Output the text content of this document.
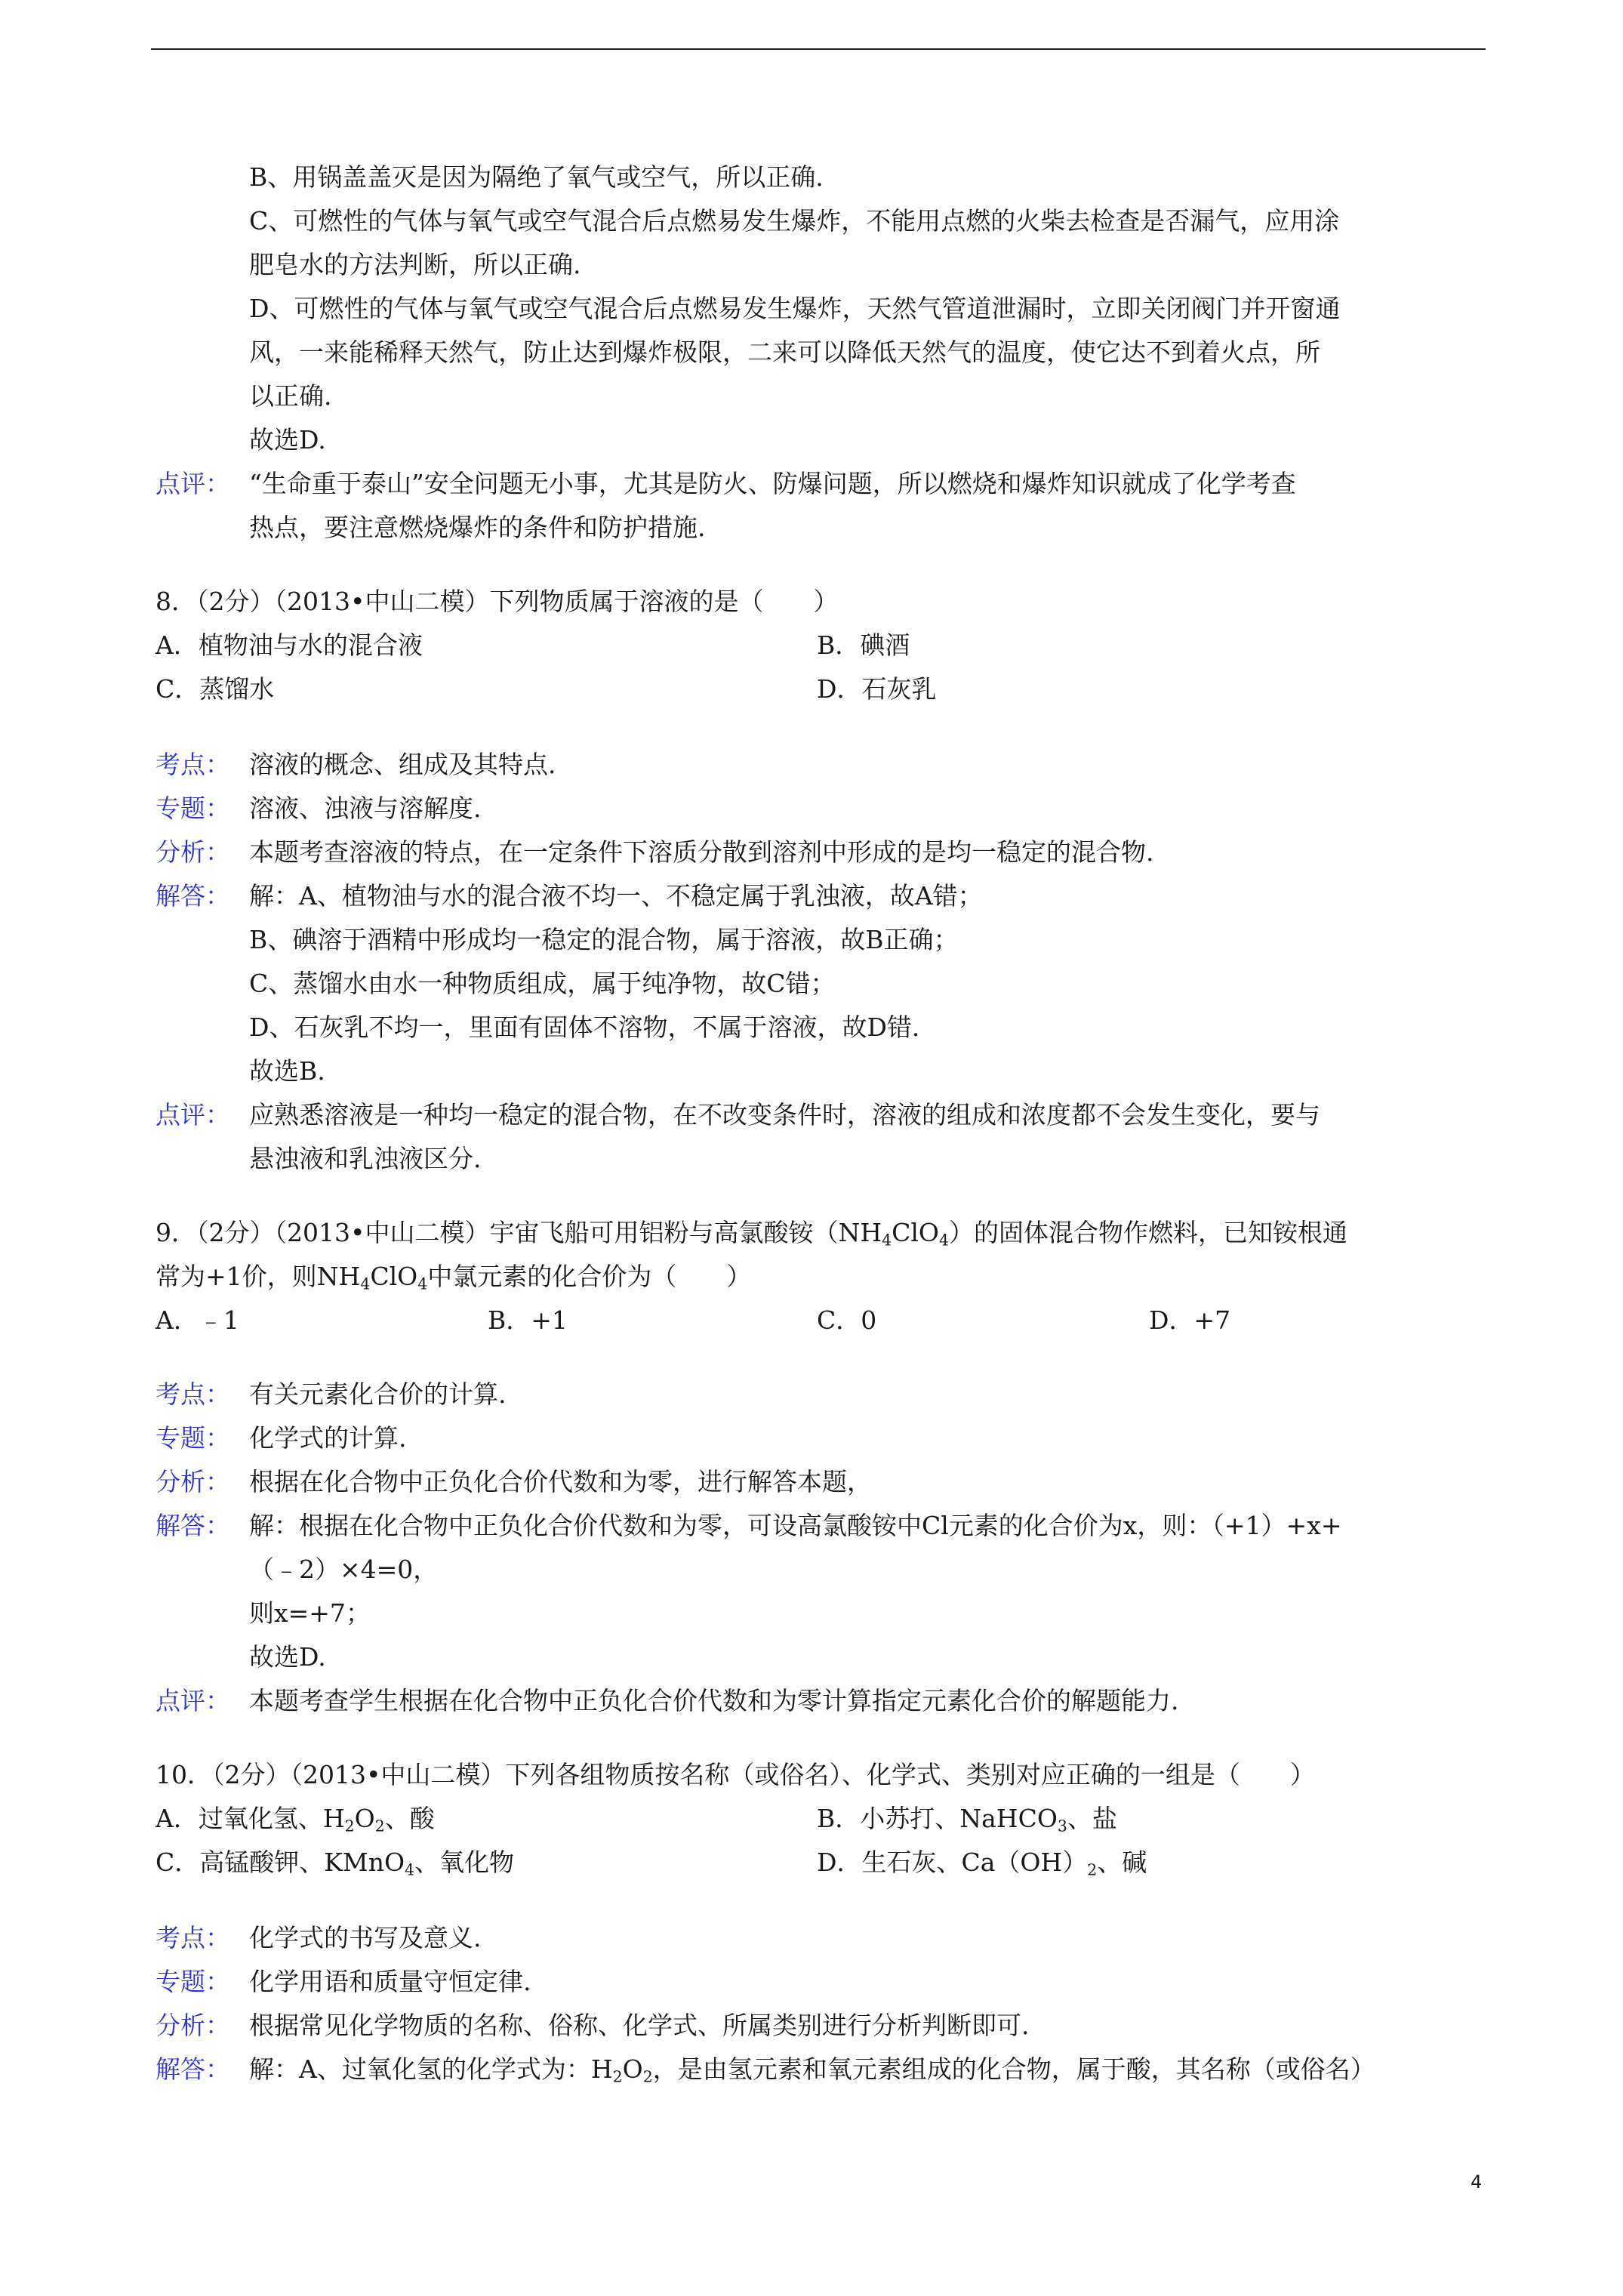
B、用锅盖盖灭是因为隔绝了氧气或空气，所以正确.
C、可燃性的气体与氧气或空气混合后点燃易发生爆炸，不能用点燃的火柴去检查是否漏气，应用涂
肥皂水的方法判断，所以正确.
D、可燃性的气体与氧气或空气混合后点燃易发生爆炸，天然气管道泄漏时，立即关闭阀门并开窗通
风，一来能稀释天然气，防止达到爆炸极限，二来可以降低天然气的温度，使它达不到着火点，所
以正确.
故选D.
点评： “生命重于泰山”安全问题无小事，尤其是防火、防爆问题，所以燃烧和爆炸知识就成了化学考查
热点，要注意燃烧爆炸的条件和防护措施.
8．（2分）（2013•中山二模）下列物质属于溶液的是（　　）
A．植物油与水的混合液	B．碘酒
C．蒸馏水	D．石灰乳
考点： 溶液的概念、组成及其特点.
专题： 溶液、浊液与溶解度.
分析： 本题考查溶液的特点，在一定条件下溶质分散到溶剂中形成的是均一稳定的混合物.
解答： 解：A、植物油与水的混合液不均一、不稳定属于乳浊液，故A错；
B、碘溶于酒精中形成均一稳定的混合物，属于溶液，故B正确；
C、蒸馏水由水一种物质组成，属于纯净物，故C错；
D、石灰乳不均一，里面有固体不溶物，不属于溶液，故D错.
故选B.
点评： 应熟悉溶液是一种均一稳定的混合物，在不改变条件时，溶液的组成和浓度都不会发生变化，要与
悬浊液和乳浊液区分.
9．（2分）（2013•中山二模）宇宙飞船可用铝粉与高氯酸铵$(NH_4ClO_4)$的固体混合物作燃料，已知铵根通
常为+1价，则$NH_4ClO_4$中氯元素的化合价为（　　）
A．﹣1	B．+1	C．0	D．+7
考点： 有关元素化合价的计算.
专题： 化学式的计算.
分析： 根据在化合物中正负化合价代数和为零，进行解答本题，
解答： 解：根据在化合物中正负化合价代数和为零，可设高氯酸铵中Cl元素的化合价为x，则：（+1）+x+
（﹣2）×4=0，
则x=+7；
故选D.
点评： 本题考查学生根据在化合物中正负化合价代数和为零计算指定元素化合价的解题能力.
10．（2分）（2013•中山二模）下列各组物质按名称（或俗名）、化学式、类别对应正确的一组是（　　）
A．过氧化氢、$H_2O_2$、酸	B．小苏打、NaHCO$_3$、盐
C．高锰酸钾、KMnO$_4$、氧化物	D．生石灰、$Ca(OH)_2$、碱
考点： 化学式的书写及意义.
专题： 化学用语和质量守恒定律.
分析： 根据常见化学物质的名称、俗称、化学式、所属类别进行分析判断即可.
解答： 解：A、过氧化氢的化学式为：$H_2O_2$，是由氢元素和氧元素组成的化合物，属于酸，其名称（或俗名）
4
